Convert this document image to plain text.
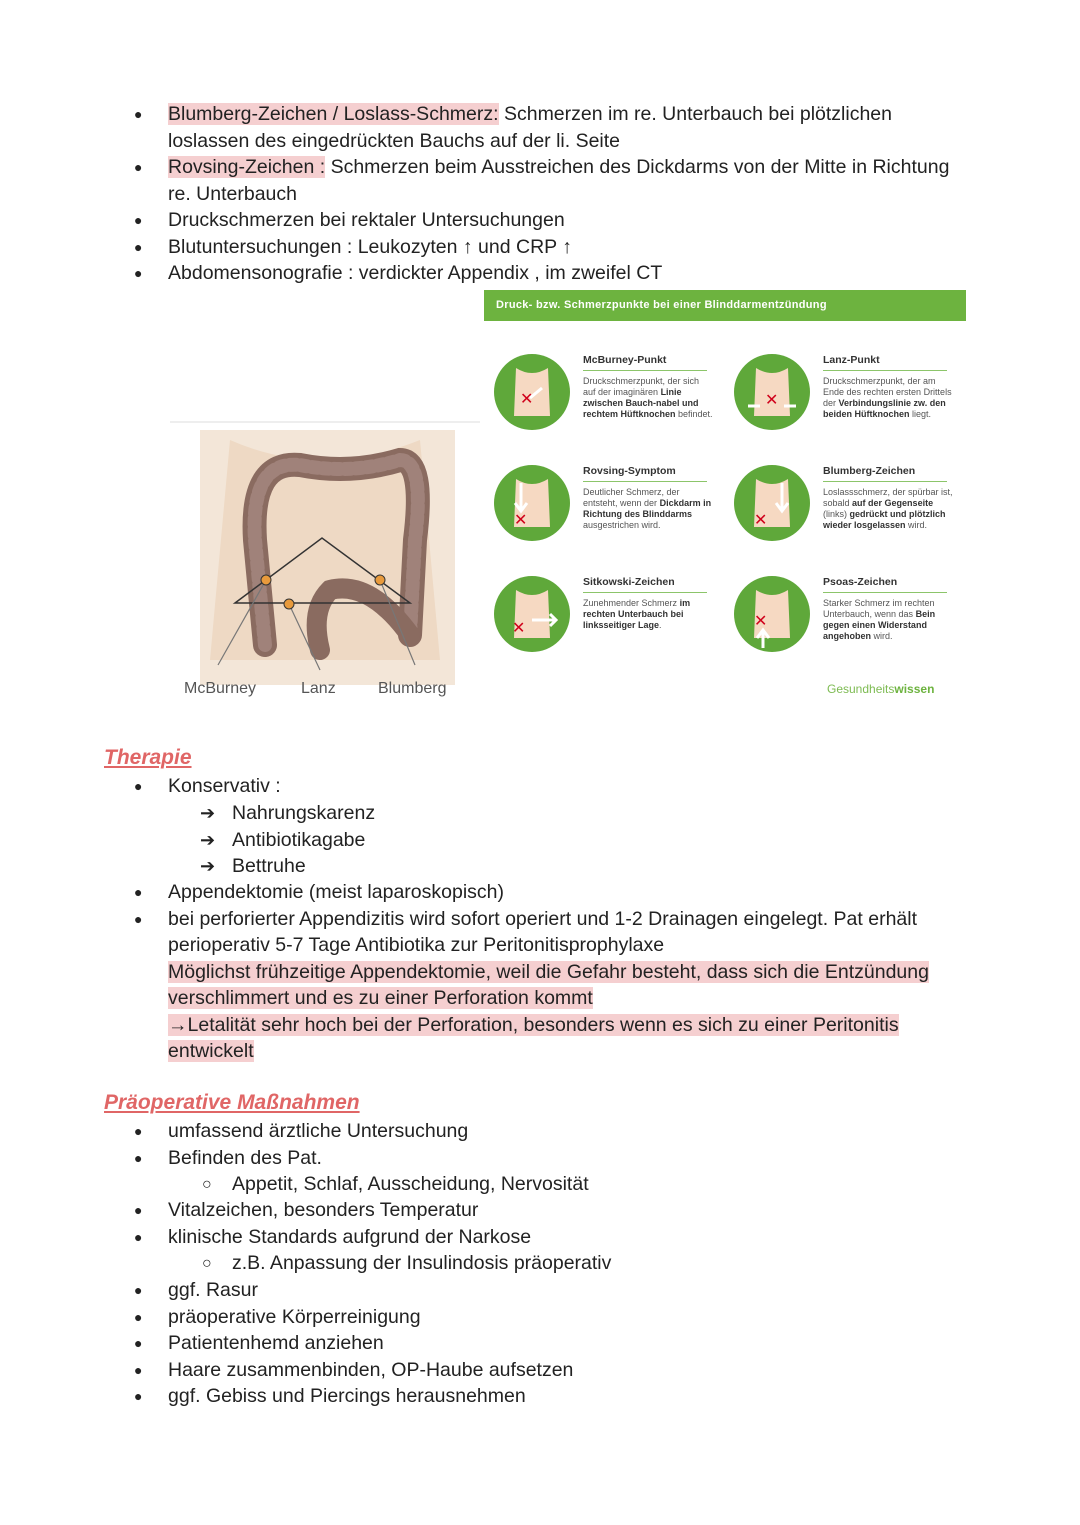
● Blumberg-Zeichen / Loslass-Schmerz: Schmerzen im re. Unterbauch bei plötzlichen
loslassen des eingedrückten Bauchs auf der li. Seite
● Rovsing-Zeichen : Schmerzen beim Ausstreichen des Dickdarms von der Mitte in Richtung
re. Unterbauch
● Druckschmerzen bei rektaler Untersuchungen
● Blutuntersuchungen : Leukozyten ↑ und CRP ↑
● Abdomensonografie : verdickter Appendix , im zweifel CT
McBurney	Lanz	Blumberg
Druck- bzw. Schmerzpunkte bei einer Blinddarmentzündung
✕
McBurney-Punkt
Druckschmerzpunkt, der sich auf der imaginären Linie zwischen Bauch-nabel und rechtem Hüftknochen befindet.
✕
Lanz-Punkt
Druckschmerzpunkt, der am Ende des rechten ersten Drittels der Verbindungslinie zw. den beiden Hüftknochen liegt.
✕
Rovsing-Symptom
Deutlicher Schmerz, der entsteht, wenn der Dickdarm in Richtung des Blinddarms ausgestrichen wird.	✕
Blumberg-Zeichen
Loslassschmerz, der spürbar ist, sobald auf der Gegenseite (links) gedrückt und plötzlich wieder losgelassen wird.
✕
Sitkowski-Zeichen
Zunehmender Schmerz im rechten Unterbauch bei linksseitiger Lage.	✕
Psoas-Zeichen
Starker Schmerz im rechten Unterbauch, wenn das Bein gegen einen Widerstand angehoben wird.
Gesundheitswissen
Therapie
● Konservativ :
➔ Nahrungskarenz
➔ Antibiotikagabe
➔ Bettruhe
● Appendektomie (meist laparoskopisch)
● bei perforierter Appendizitis wird sofort operiert und 1-2 Drainagen eingelegt. Pat erhält
perioperativ 5-7 Tage Antibiotika zur Peritonitisprophylaxe
Möglichst frühzeitige Appendektomie, weil die Gefahr besteht, dass sich die Entzündung
verschlimmert und es zu einer Perforation kommt
→Letalität sehr hoch bei der Perforation, besonders wenn es sich zu einer Peritonitis
entwickelt
Präoperative Maßnahmen
● umfassend ärztliche Untersuchung
● Befinden des Pat.
○ Appetit, Schlaf, Ausscheidung, Nervosität
● Vitalzeichen, besonders Temperatur
● klinische Standards aufgrund der Narkose
○ z.B. Anpassung der Insulindosis präoperativ
● ggf. Rasur
● präoperative Körperreinigung
● Patientenhemd anziehen
● Haare zusammenbinden, OP-Haube aufsetzen
● ggf. Gebiss und Piercings herausnehmen
